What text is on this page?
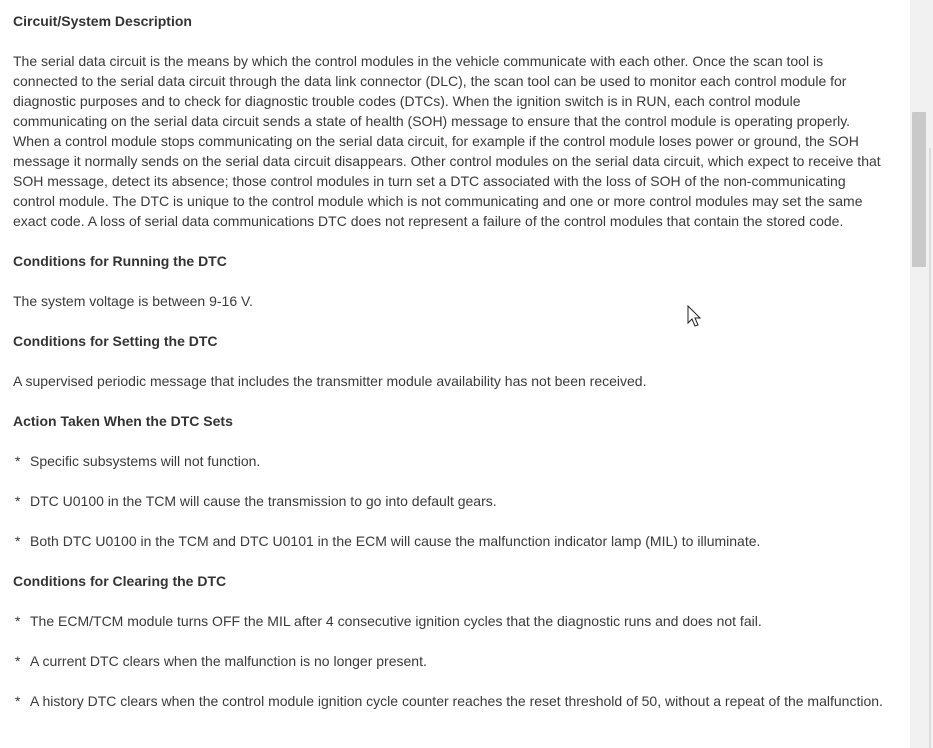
Circuit/System Description

The serial data circuit is the means by which the control modules in the vehicle communicate with each other. Once the scan tool is connected to the serial data circuit through the data link connector (DLC), the scan tool can be used to monitor each control module for diagnostic purposes and to check for diagnostic trouble codes (DTCs). When the ignition switch is in RUN, each control module communicating on the serial data circuit sends a state of health (SOH) message to ensure that the control module is operating properly. When a control module stops communicating on the serial data circuit, for example if the control module loses power or ground, the SOH message it normally sends on the serial data circuit disappears. Other control modules on the serial data circuit, which expect to receive that SOH message, detect its absence; those control modules in turn set a DTC associated with the loss of SOH of the non-communicating control module. The DTC is unique to the control module which is not communicating and one or more control modules may set the same exact code. A loss of serial data communications DTC does not represent a failure of the control modules that contain the stored code.

Conditions for Running the DTC

The system voltage is between 9-16 V.

Conditions for Setting the DTC

A supervised periodic message that includes the transmitter module availability has not been received.

Action Taken When the DTC Sets

* Specific subsystems will not function.

* DTC U0100 in the TCM will cause the transmission to go into default gears.

* Both DTC U0100 in the TCM and DTC U0101 in the ECM will cause the malfunction indicator lamp (MIL) to illuminate.

Conditions for Clearing the DTC

* The ECM/TCM module turns OFF the MIL after 4 consecutive ignition cycles that the diagnostic runs and does not fail.

* A current DTC clears when the malfunction is no longer present.

* A history DTC clears when the control module ignition cycle counter reaches the reset threshold of 50, without a repeat of the malfunction.
